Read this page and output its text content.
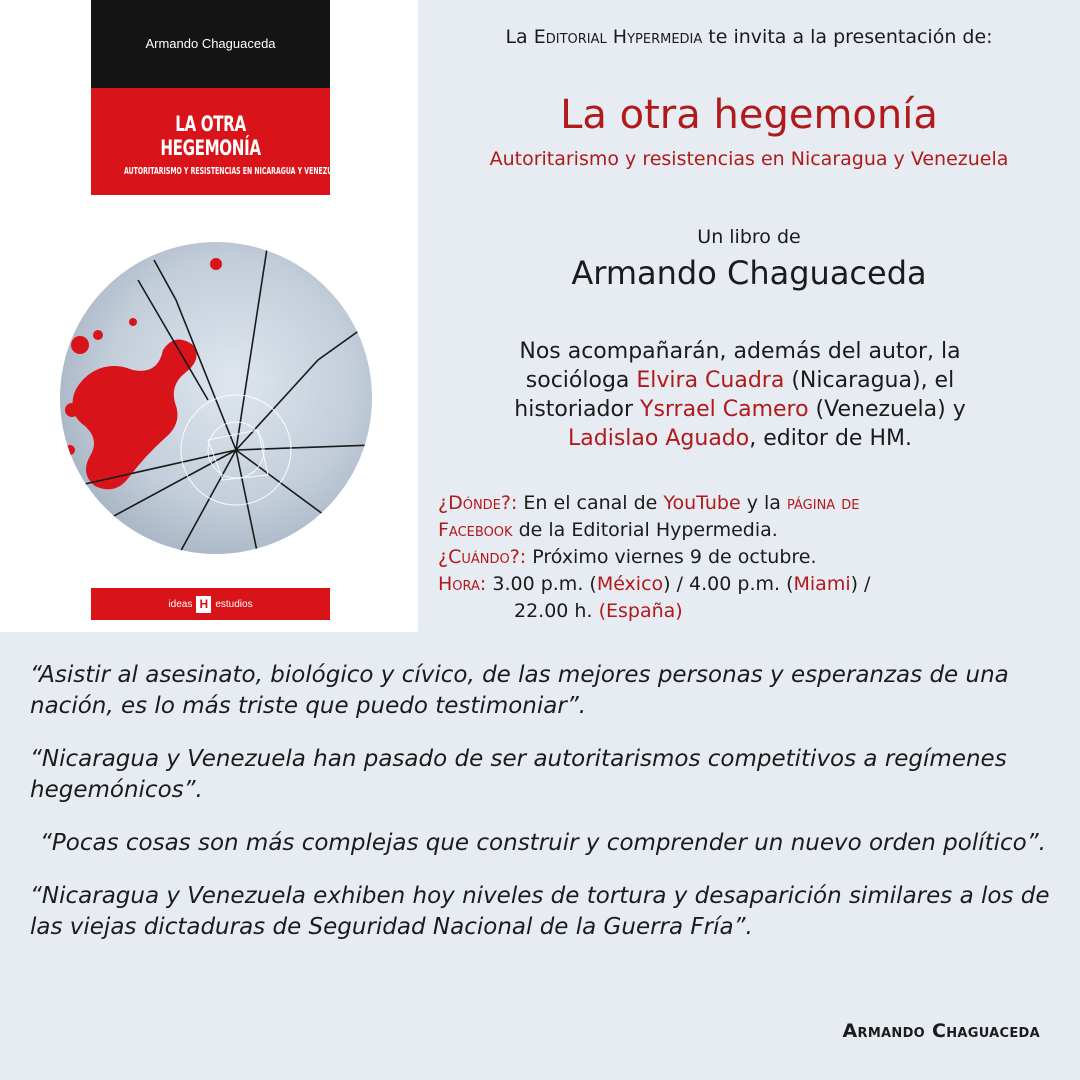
Armando Chaguaceda
LA OTRA HEGEMONÍA
AUTORITARISMO Y RESISTENCIAS EN NICARAGUA Y VENEZUELA
ideas H estudios
La Editorial Hypermedia te invita a la presentación de:
La otra hegemonía
Autoritarismo y resistencias en Nicaragua y Venezuela
Un libro de
Armando Chaguaceda
Nos acompañarán, además del autor, la socióloga Elvira Cuadra (Nicaragua), el historiador Ysrrael Camero (Venezuela) y Ladislao Aguado, editor de HM.
¿Dónde?: En el canal de YouTube y la página de
Facebook de la Editorial Hypermedia.
¿Cuándo?: Próximo viernes 9 de octubre.
Hora: 3.00 p.m. (México) / 4.00 p.m. (Miami) /
22.00 h. (España)
“Asistir al asesinato, biológico y cívico, de las mejores personas y esperanzas de una nación, es lo más triste que puedo testimoniar”.
“Nicaragua y Venezuela han pasado de ser autoritarismos competitivos a regímenes hegemónicos”.
“Pocas cosas son más complejas que construir y comprender un nuevo orden político”.
“Nicaragua y Venezuela exhiben hoy niveles de tortura y desaparición similares a los de las viejas dictaduras de Seguridad Nacional de la Guerra Fría”.
Armando Chaguaceda
